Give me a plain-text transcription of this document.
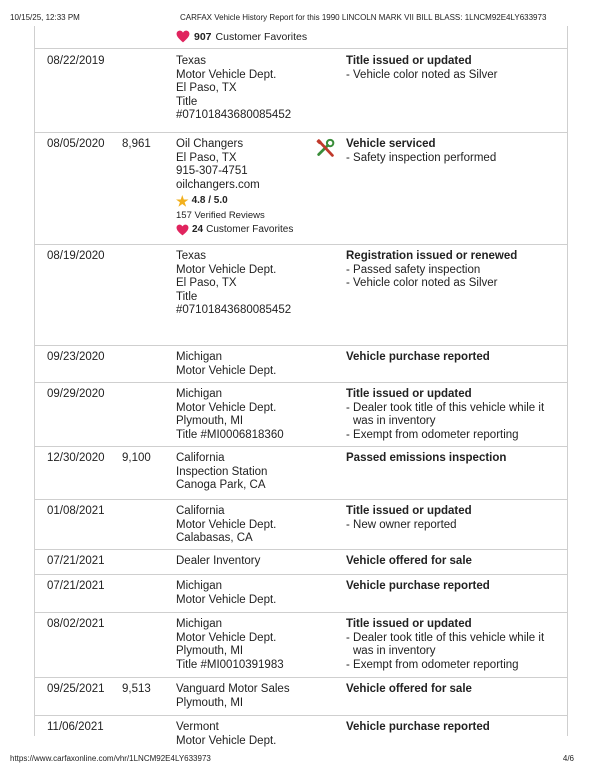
10/15/25, 12:33 PM	CARFAX Vehicle History Report for this 1990 LINCOLN MARK VII BILL BLASS: 1LNCM92E4LY633973
907 Customer Favorites
08/22/2019	Texas
Motor Vehicle Dept.
El Paso, TX
Title
#07101843680085452
Title issued or updated
- Vehicle color noted as Silver
08/05/2020 8,961 Oil Changers
El Paso, TX
915-307-4751
oilchangers.com
★ 4.8 / 5.0
157 Verified Reviews
24 Customer Favorites
Vehicle serviced
- Safety inspection performed
08/19/2020	Texas
Motor Vehicle Dept.
El Paso, TX
Title
#07101843680085452
Registration issued or renewed
- Passed safety inspection
- Vehicle color noted as Silver
09/23/2020	Michigan
Motor Vehicle Dept.
Vehicle purchase reported
09/29/2020	Michigan
Motor Vehicle Dept.
Plymouth, MI
Title #MI0006818360
Title issued or updated
- Dealer took title of this vehicle while it
was in inventory
- Exempt from odometer reporting
12/30/2020 9,100 California
Inspection Station
Canoga Park, CA
Passed emissions inspection
01/08/2021	California
Motor Vehicle Dept.
Calabasas, CA
Title issued or updated
- New owner reported
07/21/2021	Dealer Inventory	Vehicle offered for sale
07/21/2021	Michigan
Motor Vehicle Dept.
Vehicle purchase reported
08/02/2021	Michigan
Motor Vehicle Dept.
Plymouth, MI
Title #MI0010391983
Title issued or updated
- Dealer took title of this vehicle while it
was in inventory
- Exempt from odometer reporting
09/25/2021 9,513 Vanguard Motor Sales
Plymouth, MI
Vehicle offered for sale
11/06/2021	Vermont
Motor Vehicle Dept.
Vehicle purchase reported
https://www.carfaxonline.com/vhr/1LNCM92E4LY633973	4/6
